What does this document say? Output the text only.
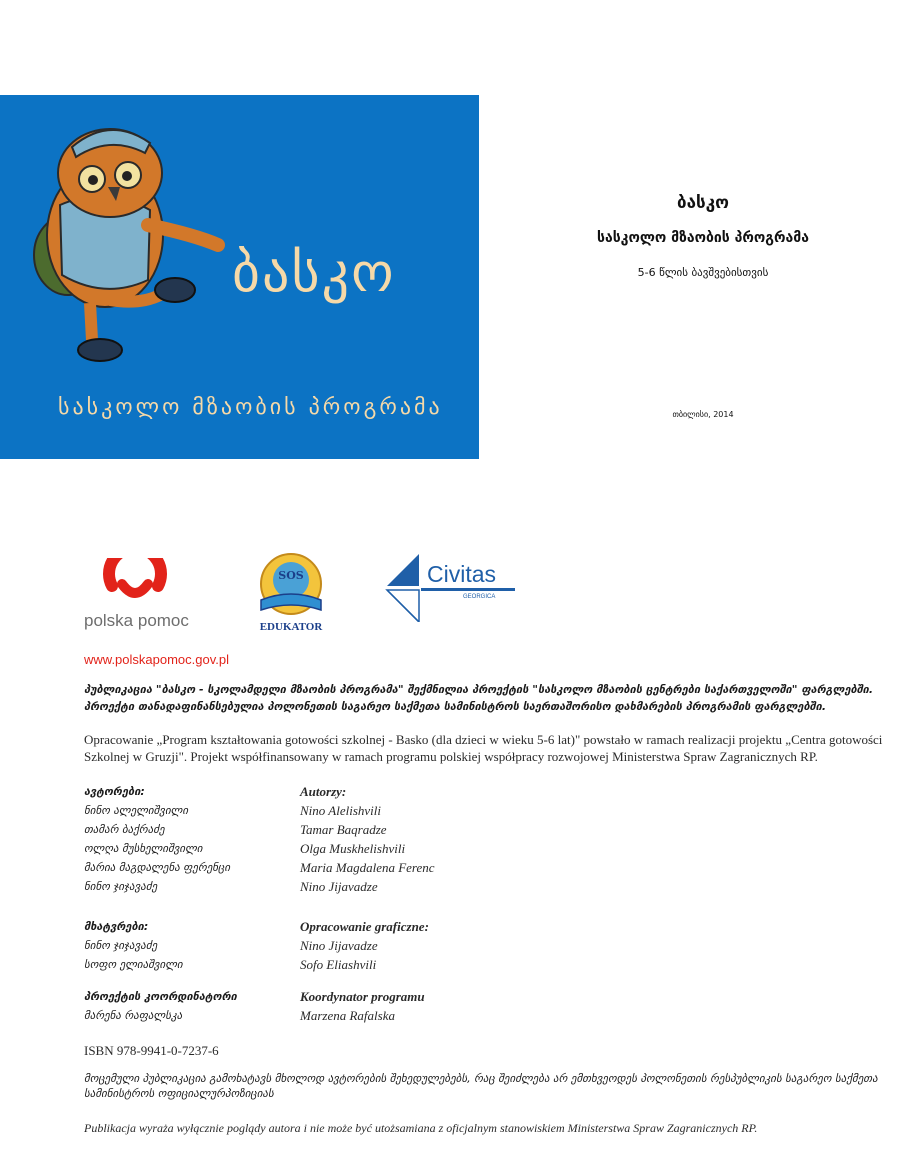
ბასკო
სასკოლო მზაობის პროგრამა
ბასკო
სასკოლო მზაობის პროგრამა
5-6 წლის ბავშვებისთვის
თბილისი, 2014
polska pomoc
SOS
EDUKATOR
Civitas
GEORGICA
www.polskapomoc.gov.pl
პუბლიკაცია "ბასკო - სკოლამდელი მზაობის პროგრამა" შექმნილია პროექტის "სასკოლო მზაობის ცენტრები საქართველოში" ფარგლებში. პროექტი თანადაფინანსებულია პოლონეთის საგარეო საქმეთა სამინისტროს საერთაშორისო დახმარების პროგრამის ფარგლებში.
Opracowanie „Program kształtowania gotowości szkolnej - Basko (dla dzieci w wieku 5-6 lat)" powstało w ramach realizacji projektu „Centra gotowości Szkolnej w Gruzji". Projekt współfinansowany w ramach programu polskiej współpracy rozwojowej Ministerstwa Spraw Zagranicznych RP.
ავტორები:
ნინო ალელიშვილი
თამარ ბაქრაძე
ოლღა მუსხელიშვილი
მარია მაგდალენა ფერენცი
ნინო ჯიჯავაძე
Autorzy:
Nino Alelishvili
Tamar Baqradze
Olga Muskhelishvili
Maria Magdalena Ferenc
Nino Jijavadze
მხატვრები:
ნინო ჯიჯავაძე
სოფო ელიაშვილი
Opracowanie graficzne:
Nino Jijavadze
Sofo Eliashvili
პროექტის კოორდინატორი
მარენა რაფალსკა
Koordynator programu
Marzena Rafalska
ISBN 978-9941-0-7237-6
მოცემული პუბლიკაცია გამოხატავს მხოლოდ ავტორების შეხედულებებს, რაც შეიძლება არ ემთხვეოდეს პოლონეთის რესპუბლიკის საგარეო საქმეთა სამინისტროს ოფიციალურპოზიციას
Publikacja wyraża wyłącznie poglądy autora i nie może być utożsamiana z oficjalnym stanowiskiem Ministerstwa Spraw Zagranicznych RP.
